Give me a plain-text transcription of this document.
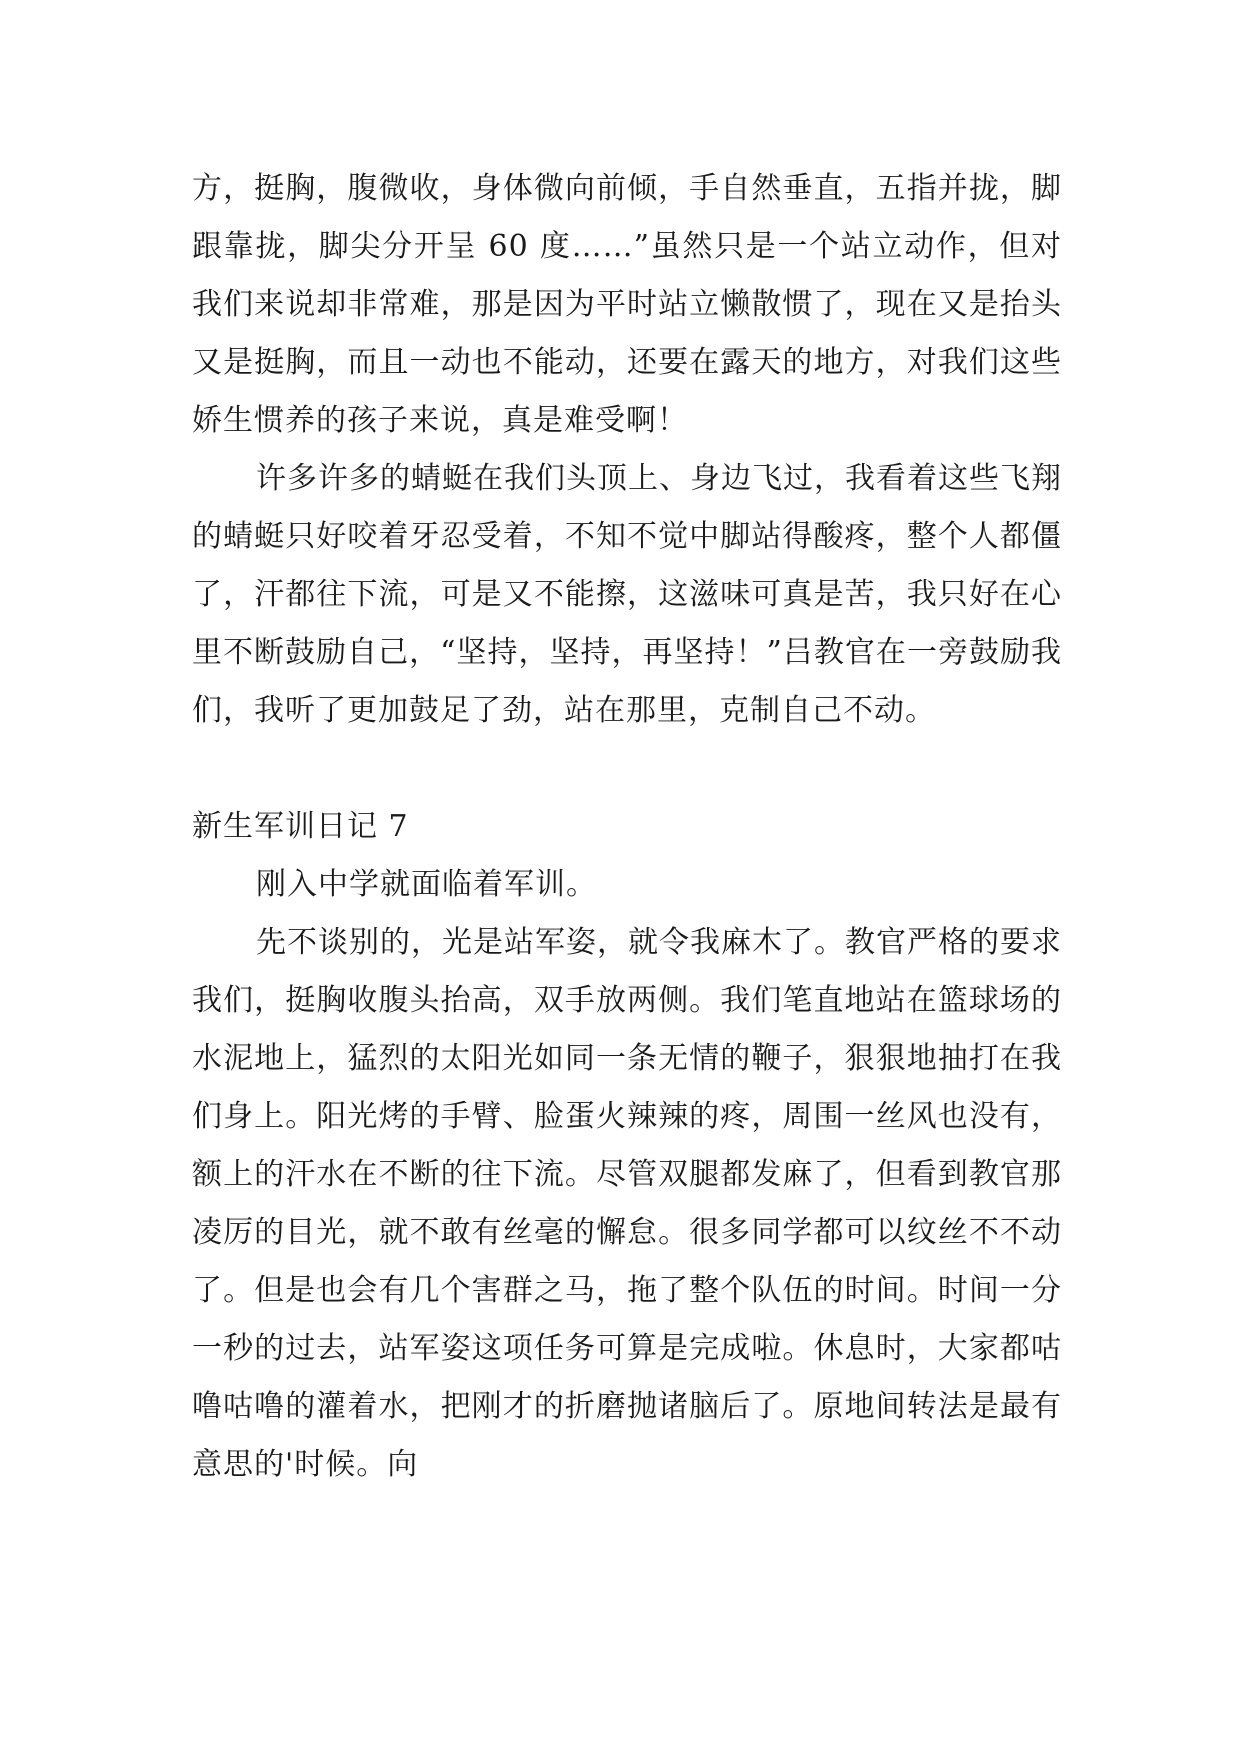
方，挺胸，腹微收，身体微向前倾，手自然垂直，五指并拢，脚跟靠拢，脚尖分开呈 60 度……”虽然只是一个站立动作，但对我们来说却非常难，那是因为平时站立懒散惯了，现在又是抬头又是挺胸，而且一动也不能动，还要在露天的地方，对我们这些娇生惯养的孩子来说，真是难受啊！

许多许多的蜻蜓在我们头顶上、身边飞过，我看着这些飞翔的蜻蜓只好咬着牙忍受着，不知不觉中脚站得酸疼，整个人都僵了，汗都往下流，可是又不能擦，这滋味可真是苦，我只好在心里不断鼓励自己，“坚持，坚持，再坚持！”吕教官在一旁鼓励我们，我听了更加鼓足了劲，站在那里，克制自己不动。

新生军训日记 7

刚入中学就面临着军训。

先不谈别的，光是站军姿，就令我麻木了。教官严格的要求我们，挺胸收腹头抬高，双手放两侧。我们笔直地站在篮球场的水泥地上，猛烈的太阳光如同一条无情的鞭子，狠狠地抽打在我们身上。阳光烤的手臂、脸蛋火辣辣的疼，周围一丝风也没有，额上的汗水在不断的往下流。尽管双腿都发麻了，但看到教官那凌厉的目光，就不敢有丝毫的懈怠。很多同学都可以纹丝不不动了。但是也会有几个害群之马，拖了整个队伍的时间。时间一分一秒的过去，站军姿这项任务可算是完成啦。休息时，大家都咕噜咕噜的灌着水，把刚才的折磨抛诸脑后了。原地间转法是最有意思的'时候。向
